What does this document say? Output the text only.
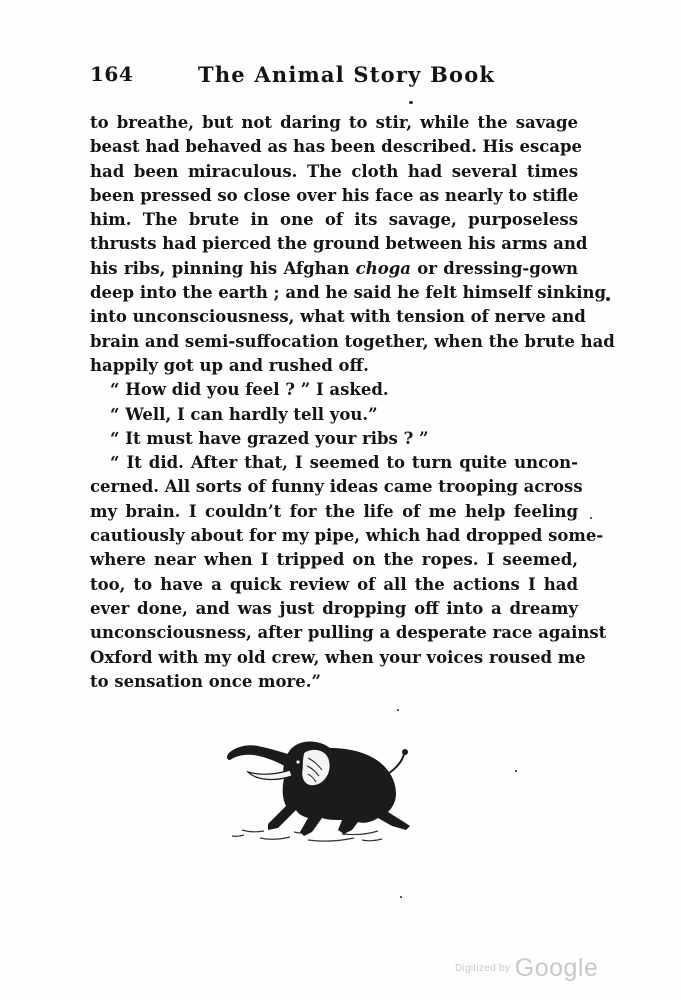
164	The Animal Story Book
to breathe, but not daring to stir, while the savage
beast had behaved as has been described. His escape
had been miraculous. The cloth had several times
been pressed so close over his face as nearly to stifle
him. The brute in one of its savage, purposeless
thrusts had pierced the ground between his arms and
his ribs, pinning his Afghan choga or dressing-gown
deep into the earth ; and he said he felt himself sinking
into unconsciousness, what with tension of nerve and
brain and semi-suffocation together, when the brute had
happily got up and rushed off.
“ How did you feel ? ” I asked.
“ Well, I can hardly tell you.”
“ It must have grazed your ribs ? ”
“ It did. After that, I seemed to turn quite uncon-
cerned. All sorts of funny ideas came trooping across
my brain. I couldn’t for the life of me help feeling
cautiously about for my pipe, which had dropped some-
where near when I tripped on the ropes. I seemed,
too, to have a quick review of all the actions I had
ever done, and was just dropping off into a dreamy
unconsciousness, after pulling a desperate race against
Oxford with my old crew, when your voices roused me
to sensation once more.”
Digitized by Google
